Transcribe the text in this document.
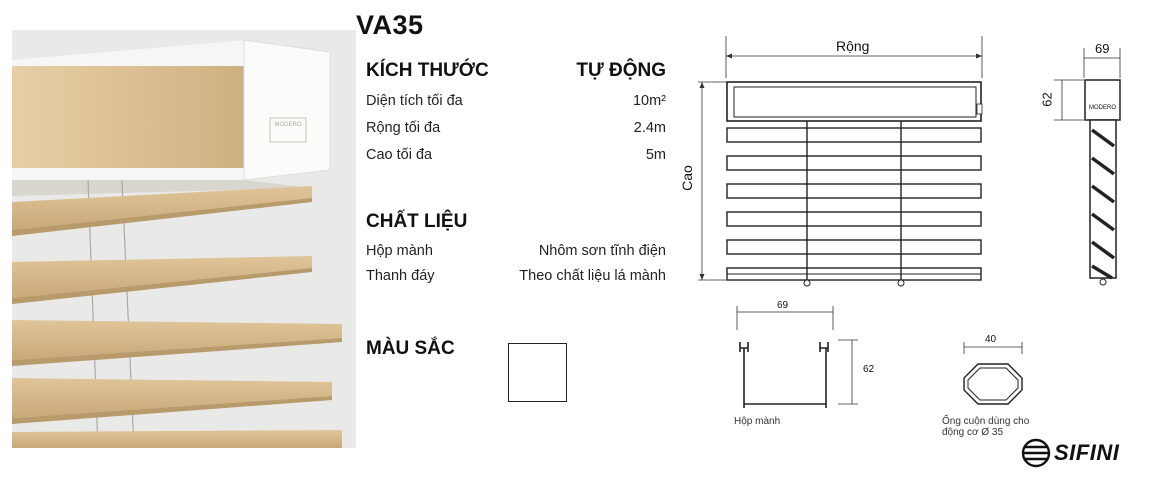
MODERO
VA35
KÍCH THƯỚC	TỰ ĐỘNG
Diện tích tối đa	10m²
Rộng tối đa	2.4m
Cao tối đa	5m
CHẤT LIỆU
Hộp mành	Nhôm sơn tĩnh điện
Thanh đáy	Theo chất liệu lá mành
MÀU SẮC
Rộng
Cao
69
62
MODERO
69
62
Hộp mành
40
Ống cuộn dùng cho
động cơ Ø 35
SIFINI
